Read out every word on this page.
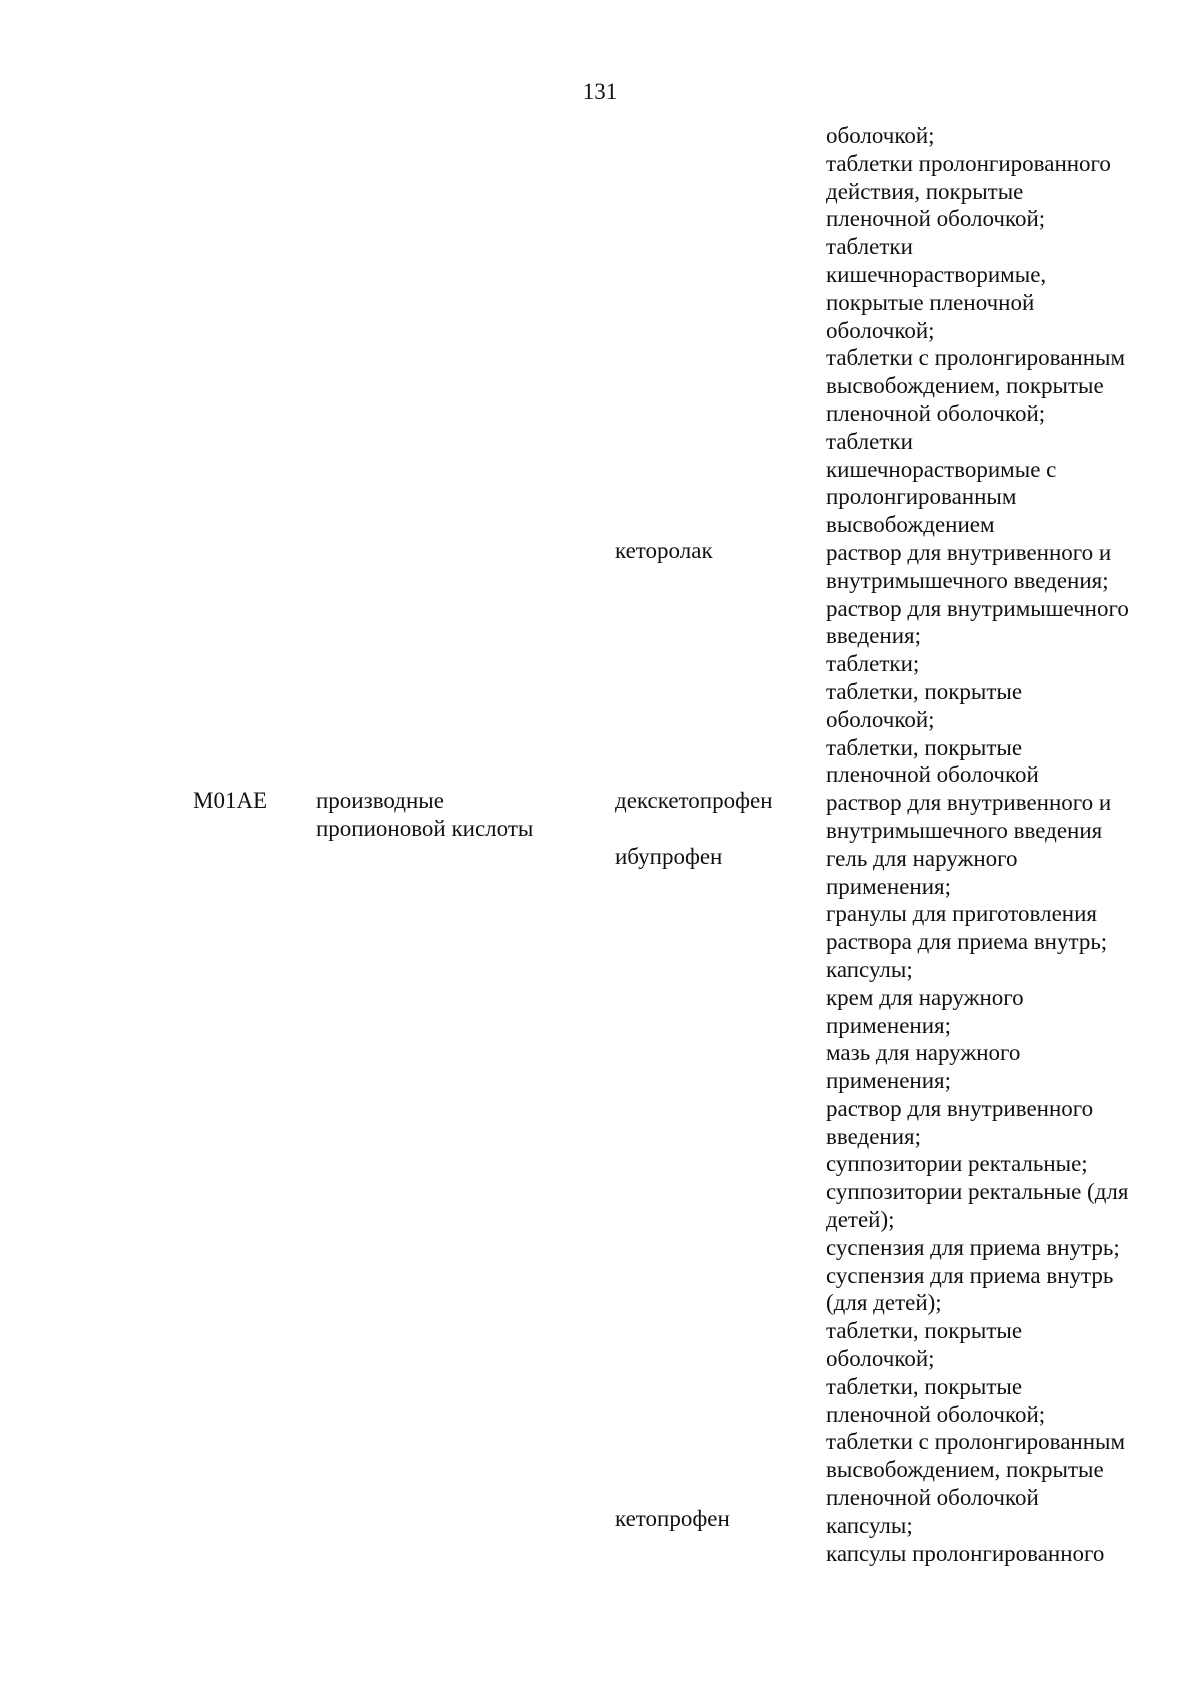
131
M01AE производные
пропионовой кислоты
кеторолак
декскетопрофен
ибупрофен
кетопрофен
оболочкой;
таблетки пролонгированного
действия, покрытые
пленочной оболочкой;
таблетки
кишечнорастворимые,
покрытые пленочной
оболочкой;
таблетки с пролонгированным
высвобождением, покрытые
пленочной оболочкой;
таблетки
кишечнорастворимые с
пролонгированным
высвобождением
раствор для внутривенного и
внутримышечного введения;
раствор для внутримышечного
введения;
таблетки;
таблетки, покрытые
оболочкой;
таблетки, покрытые
пленочной оболочкой
раствор для внутривенного и
внутримышечного введения
гель для наружного
применения;
гранулы для приготовления
раствора для приема внутрь;
капсулы;
крем для наружного
применения;
мазь для наружного
применения;
раствор для внутривенного
введения;
суппозитории ректальные;
суппозитории ректальные (для
детей);
суспензия для приема внутрь;
суспензия для приема внутрь
(для детей);
таблетки, покрытые
оболочкой;
таблетки, покрытые
пленочной оболочкой;
таблетки с пролонгированным
высвобождением, покрытые
пленочной оболочкой
капсулы;
капсулы пролонгированного
